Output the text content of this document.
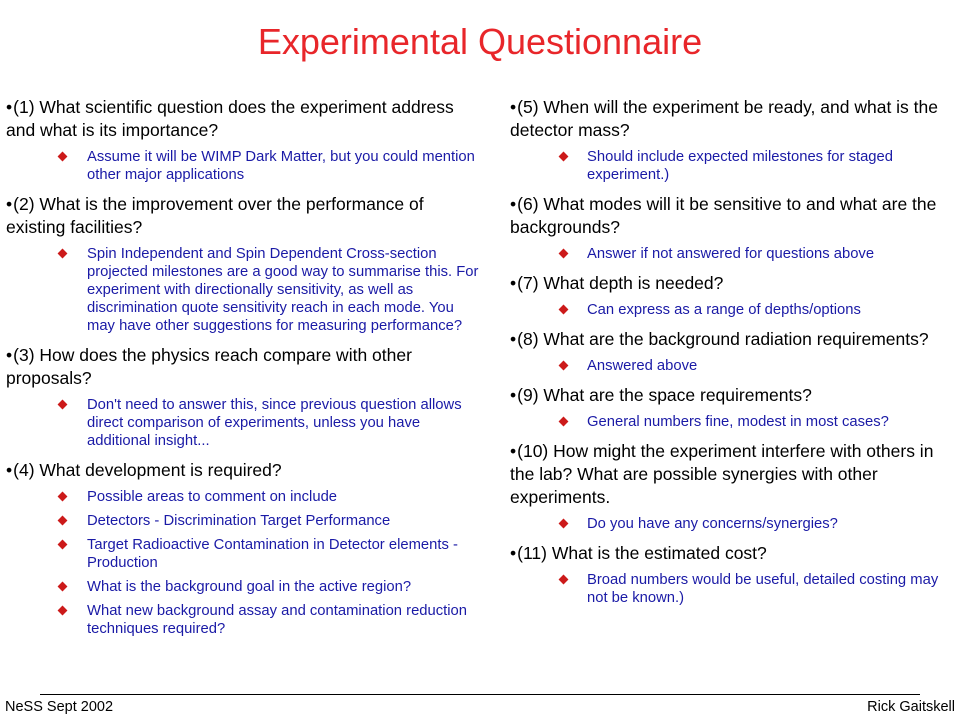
Experimental Questionnaire
•(1) What scientific question does the experiment address and what is its importance?
Assume it will be WIMP Dark Matter, but you could mention other major applications
•(2) What is the improvement over the performance of existing facilities?
Spin Independent and Spin Dependent Cross-section projected milestones are a good way to summarise this. For experiment with directionally sensitivity, as well as discrimination quote sensitivity reach in each mode. You may have other suggestions for measuring performance?
•(3) How does the physics reach compare with other proposals?
Don't need to answer this, since previous question allows direct comparison of experiments, unless you have additional insight...
•(4) What development is required?
Possible areas to comment on include
Detectors - Discrimination Target Performance
Target Radioactive Contamination in Detector elements - Production
What is the background goal in the active region?
What new background assay and contamination reduction techniques required?
•(5) When will the experiment be ready, and what is the detector mass?
Should include expected milestones for staged experiment.)
•(6) What modes will it be sensitive to and what are the backgrounds?
Answer if not answered for questions above
•(7) What depth is needed?
Can express as a range of depths/options
•(8) What are the background radiation requirements?
Answered above
•(9) What are the space requirements?
General numbers fine, modest in most cases?
•(10) How might the experiment interfere with others in the lab? What are possible synergies with other experiments.
Do you have any concerns/synergies?
•(11) What is the estimated cost?
Broad numbers would be useful, detailed costing may not be known.)
NeSS Sept 2002	Rick Gaitskell
